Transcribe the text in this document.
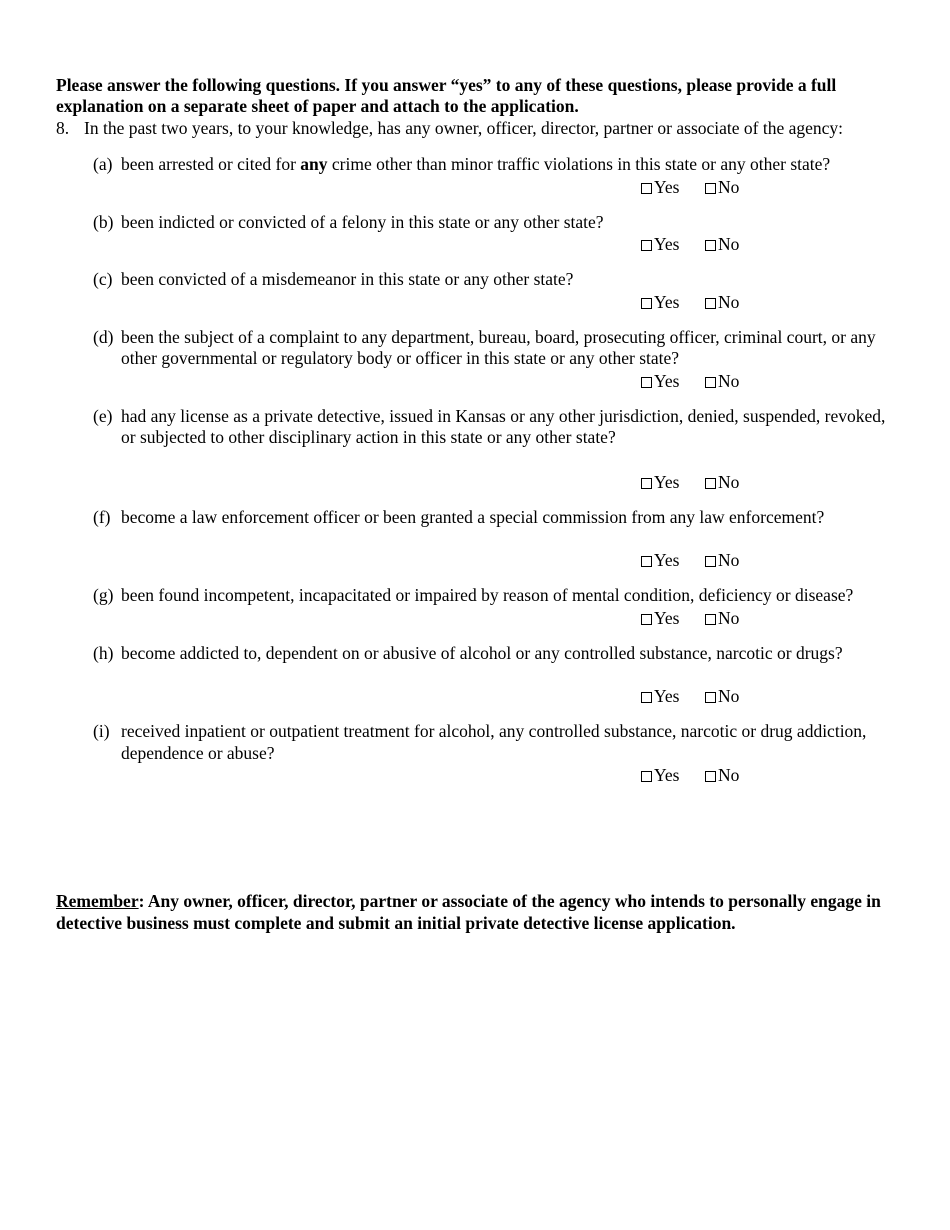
Please answer the following questions. If you answer “yes” to any of these questions, please provide a full explanation on a separate sheet of paper and attach to the application.

8. In the past two years, to your knowledge, has any owner, officer, director, partner or associate of the agency:
(a) been arrested or cited for any crime other than minor traffic violations in this state or any other state?
Yes	No
(b) been indicted or convicted of a felony in this state or any other state?
Yes	No
(c) been convicted of a misdemeanor in this state or any other state?
Yes	No
(d) been the subject of a complaint to any department, bureau, board, prosecuting officer, criminal court, or any other governmental or regulatory body or officer in this state or any other state?
Yes	No
(e) had any license as a private detective, issued in Kansas or any other jurisdiction, denied, suspended, revoked, or subjected to other disciplinary action in this state or any other state?
Yes	No
(f) become a law enforcement officer or been granted a special commission from any law enforcement?
Yes	No
(g) been found incompetent, incapacitated or impaired by reason of mental condition, deficiency or disease?
Yes	No
(h) become addicted to, dependent on or abusive of alcohol or any controlled substance, narcotic or drugs?
Yes	No
(i) received inpatient or outpatient treatment for alcohol, any controlled substance, narcotic or drug addiction, dependence or abuse?
Yes	No

Remember: Any owner, officer, director, partner or associate of the agency who intends to personally engage in detective business must complete and submit an initial private detective license application.
